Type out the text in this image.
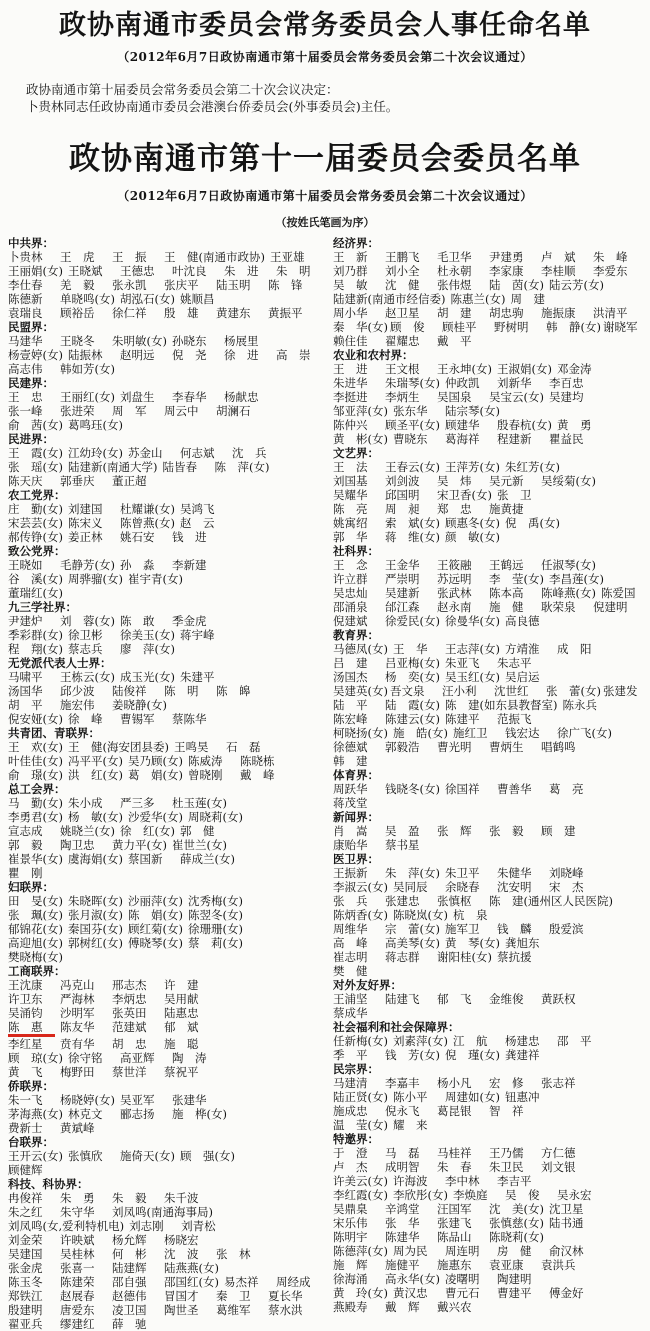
政协南通市委员会常务委员会人事任命名单
（2012年6月7日政协南通市第十届委员会常务委员会第二十次会议通过）

政协南通市第十届委员会常务委员会第二十次会议决定：

卜贵林同志任政协南通市委员会港澳台侨委员会(外事委员会)主任。

政协南通市第十一届委员会委员名单
（2012年6月7日政协南通市第十届委员会常务委员会第二十次会议通过）
（按姓氏笔画为序）
中共界：
卜贵林	王　虎	王　振	王　健(南通市政协) 王亚雄
王丽娟(女) 王晓斌	王德忠	叶沈良	朱　进	朱　明
李仕春	羌　毅	张永凯	张庆平	陆玉明	陈　锋
陈德新	单晓鸣(女) 胡泓石(女) 姚顺昌
袁瑞良	顾裕岳	徐仁祥	殷　雄	黄建东	黄振平
民盟界：
马建华	王晓冬	朱明敏(女) 孙晓东	杨展里
杨壹婷(女) 陆振林	赵明远	倪　尧	徐　进	高　崇
高志伟	韩如芳(女)
民建界：
王　忠	王丽红(女) 刘盘生	李春华	杨献忠
张一峰	张进荣	周　军	周云中	胡澜石
俞　茜(女) 葛鸣珏(女)
民进界：
王　霞(女) 江幼玲(女) 苏金山	何志斌	沈　兵
张　瑶(女) 陆建新(南通大学) 陆皆春	陈　萍(女)
陈天庆	郭垂庆	董正超
农工党界：
庄　勤(女) 刘建国	杜耀谦(女) 吴鸿飞
宋芸芸(女) 陈宋义	陈曾燕(女) 赵　云
郝传铮(女) 姜正林	姚石安	钱　进
致公党界：
王晓如	毛静芳(女) 孙　淼	李新建
谷　溪(女) 周骅骝(女) 崔宇青(女)
董瑞红(女)
九三学社界：
尹建炉	刘　蓉(女) 陈　敢	季金虎
季彩群(女) 徐卫彬	徐美玉(女) 蒋宇峰
程　翔(女) 蔡志兵	廖　萍(女)
无党派代表人士界：
马啸平	王栋云(女) 成玉光(女) 朱建平
汤国华	邱少波	陆俊祥	陈　明	陈　皞
胡　平	施宏伟	姜晓静(女)
倪安娅(女) 徐　峰	曹锡军	蔡陈华
共青团、青联界：
王　欢(女) 王　健(海安团县委) 王鸣昊	石　磊
叶佳佳(女) 冯平平(女) 吴乃顾(女) 陈威涛	陈晓栋
俞　璟(女) 洪　红(女) 葛　娟(女) 曾晓刚	戴　峰
总工会界：
马　勤(女) 朱小成	严三多	杜玉莲(女)
李勇君(女) 杨　敏(女) 沙爱华(女) 周晓莉(女)
宣志成	姚晓兰(女) 徐　红(女) 郭　健
郭　毅	陶卫忠	黄力平(女) 崔世兰(女)
崔景华(女) 虞海娟(女) 蔡国新	薛成兰(女)
瞿　刚
妇联界：
田　旻(女) 朱晓晖(女) 沙丽萍(女) 沈秀梅(女)
张　珮(女) 张月淑(女) 陈　娟(女) 陈翌冬(女)
郁锦花(女) 秦国芬(女) 顾红菊(女) 徐珊珊(女)
高迎旭(女) 郭树红(女) 傅晓琴(女) 蔡　莉(女)
樊晓梅(女)
工商联界：
王沈康	冯克山	邢志杰	许　建
许卫东	严海林	李炳忠	吴用献
吴涌钧	沙明军	张英田	陆惠忠
陈　惠	陈友华	范建斌	郁　斌
李红星	贲有华	胡　忠	施　聪
顾　琼(女) 徐守铭	高亚辉	陶　涛
黄　飞	梅野田	蔡世洋	蔡祝平
侨联界：
朱一飞	杨晓婷(女) 吴亚军	张建华
茅海燕(女) 林克文	郦志扬	施　桦(女)
费新士	黄斌峰
台联界：
王开云(女) 张慎欣	施倚天(女) 顾　强(女)
顾健辉
科技、科协界：
冉俊祥	朱　勇	朱　毅	朱千波
朱之红	朱守华	刘凤鸣(南通海事局)
刘凤鸣(女,爱利特机电) 刘志刚	刘青松
刘金荣	许映斌	杨允辉	杨晓宏
吴建国	吴桂林	何　彬	沈　波	张　林
张金虎	张喜一	陆建辉	陆燕燕(女)
陈玉冬	陈建荣	邵自强	邵国红(女) 易杰祥	周经成
郑铁江	赵展春	赵德伟	冒国才	秦　卫	夏长华
殷建明	唐爱东	凌卫国	陶世圣	葛维军	蔡水洪
翟亚兵	缪建红	薛　驰
经济界：
王　新	王鹏飞	毛卫华	尹建勇	卢　斌	朱　峰
刘乃群	刘小全	杜永朝	李家康	李桂顺	李爱东
吴　敏	沈　健	张伟煜	陆　茵(女) 陆云芳(女)
陆建新(南通市经信委) 陈惠兰(女) 周　建
周小华	赵卫星	胡　建	胡忠驹	施振康	洪清平
秦　华(女) 顾　俊	顾桂平	野树明	韩　静(女) 谢晓军
赖住佳	翟耀忠	戴　平
农业和农村界：
王　进	王文根	王永坤(女) 王淑娟(女) 邓金涛
朱进华	朱瑞琴(女) 仲政凯	刘新华	李百忠
李挺进	李炳生	吴国泉	吴宝云(女) 吴建均
邹亚萍(女) 张东华	陆宗琴(女)
陈仲兴	顾圣平(女) 顾建华	殷春杭(女) 黄　勇
黄　彬(女) 曹晓东	葛海祥	程建新	瞿益民
文艺界：
王　法	王春云(女) 王萍芳(女) 朱红芳(女)
刘国基	刘剑波	吴　炜	吴元新	吴绥菊(女)
吴耀华	邱国明	宋卫香(女) 张　卫
陈　亮	周　昶	郑　忠	施黄捷
姚寓绍	索　斌(女) 顾惠冬(女) 倪　禹(女)
郭　华	蒋　维(女) 颜　敏(女)
社科界：
王　念	王金华	王筱融	王鹤远	任淑琴(女)
许立群	严崇明	苏远明	李　莹(女) 李昌莲(女)
吴忠灿	吴建新	张武林	陈本高	陈峰燕(女) 陈爱国
邵涌泉	邰江森	赵永南	施　健	耿荣泉	倪建明
倪建斌	徐爱民(女) 徐曼华(女) 高良德
教育界：
马德凤(女) 王　华	王志萍(女) 方靖淮	成　阳
吕　建	吕亚梅(女) 朱亚飞	朱志平
汤国杰	杨　奕(女) 吴玉红(女) 吴启运
吴建英(女) 吾文泉	汪小利	沈世红	张　蕾(女) 张建发
陆　平	陆　霞(女) 陈　建(如东县教督室) 陈永兵
陈宏峰	陈建云(女) 陈建平	范振飞
柯晓扬(女) 施　皓(女) 施红卫	钱宏达	徐广飞(女)
徐德斌	郭毅浩	曹光明	曹炳生	唱鹤鸣
韩　建
体育界：
周跃华	钱晓冬(女) 徐国祥	曹善华	葛　亮
蒋茂堂
新闻界：
肖　嵩	吴　盈	张　辉	张　毅	顾　建
康贻华	蔡书星
医卫界：
王振新	朱　萍(女) 朱卫平	朱健华	刘晓峰
李淑云(女) 吴同辰	余晓春	沈安明	宋　杰
张　兵	张建忠	张慎枢	陈　建(通州区人民医院)
陈炳香(女) 陈晓岚(女) 杭　泉
周维华	宗　蕾(女) 施军卫	钱　麟	殷爱滨
高　峰	高美琴(女) 黄　琴(女) 龚旭东
崔志明	蒋志群	谢阳桂(女) 蔡抗援
樊　健
对外友好界：
王浦坚	陆建飞	郁　飞	金维俊	黄跃权
蔡成华
社会福利和社会保障界：
任新梅(女) 刘素萍(女) 江　航	杨建忠	邵　平
季　平	钱　芳(女) 倪　瑾(女) 龚建祥
民宗界：
马建清	李嘉丰	杨小凡	宏　修	张志祥
陆正贤(女) 陈小平	周建如(女) 钮惠冲
施成忠	倪永飞	葛昆银	智　祥
温　莹(女) 耀　来
特邀界：
于　澄	马　磊	马桂祥	王乃儒	方仁德
卢　杰	成明智	朱　春	朱卫民	刘文银
许美云(女) 许海波	李中林	李吉平
李红霞(女) 李欣彤(女) 李焕庭	吴　俊	吴永宏
吴鼎臬	辛鸿堂	汪国军	沈　美(女) 沈卫星
宋乐伟	张　华	张建飞	张慎慈(女) 陆书通
陈明宇	陈建华	陈品山	陈晓莉(女)
陈德萍(女) 周为民	周连明	房　健	俞汉林
施　辉	施健平	施惠东	袁亚康	袁洪兵
徐海涌	高永华(女) 凌曙明	陶建明
黄　玲(女) 黄汉忠	曹元石	曹建平	傅金好
燕殿寿	戴　辉	戴兴农
